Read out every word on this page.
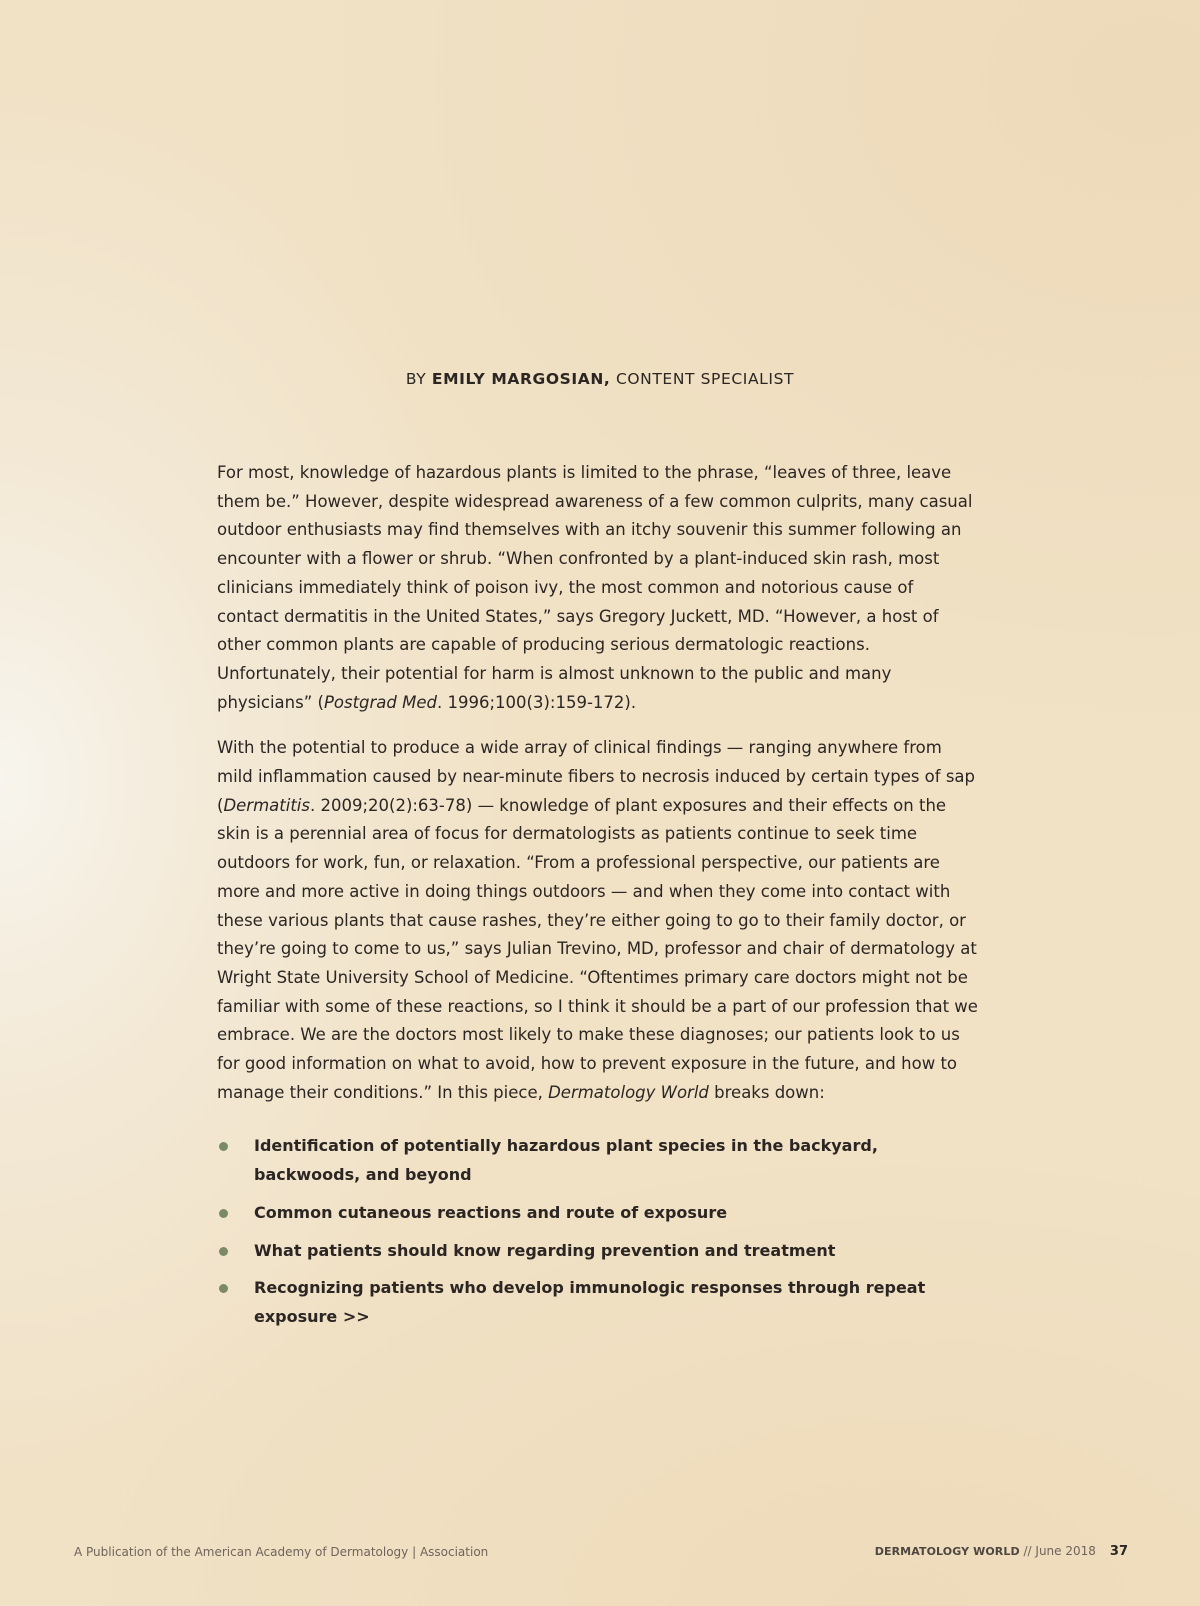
BY EMILY MARGOSIAN, CONTENT SPECIALIST

For most, knowledge of hazardous plants is limited to the phrase, “leaves of three, leave them be.” However, despite widespread awareness of a few common culprits, many casual outdoor enthusiasts may find themselves with an itchy souvenir this summer following an encounter with a flower or shrub. “When confronted by a plant-induced skin rash, most clinicians immediately think of poison ivy, the most common and notorious cause of contact dermatitis in the United States,” says Gregory Juckett, MD. “However, a host of other common plants are capable of producing serious dermatologic reactions. Unfortunately, their potential for harm is almost unknown to the public and many physicians” (Postgrad Med. 1996;100(3):159-172).

With the potential to produce a wide array of clinical findings — ranging anywhere from mild inflammation caused by near-minute fibers to necrosis induced by certain types of sap (Dermatitis. 2009;20(2):63-78) — knowledge of plant exposures and their effects on the skin is a perennial area of focus for dermatologists as patients continue to seek time outdoors for work, fun, or relaxation. “From a professional perspective, our patients are more and more active in doing things outdoors — and when they come into contact with these various plants that cause rashes, they’re either going to go to their family doctor, or they’re going to come to us,” says Julian Trevino, MD, professor and chair of dermatology at Wright State University School of Medicine. “Oftentimes primary care doctors might not be familiar with some of these reactions, so I think it should be a part of our profession that we embrace. We are the doctors most likely to make these diagnoses; our patients look to us for good information on what to avoid, how to prevent exposure in the future, and how to manage their conditions.” In this piece, Dermatology World breaks down:

Identification of potentially hazardous plant species in the backyard, backwoods, and beyond
Common cutaneous reactions and route of exposure
What patients should know regarding prevention and treatment
Recognizing patients who develop immunologic responses through repeat exposure >>
A Publication of the American Academy of Dermatology | Association	DERMATOLOGY WORLD // June 2018 37
